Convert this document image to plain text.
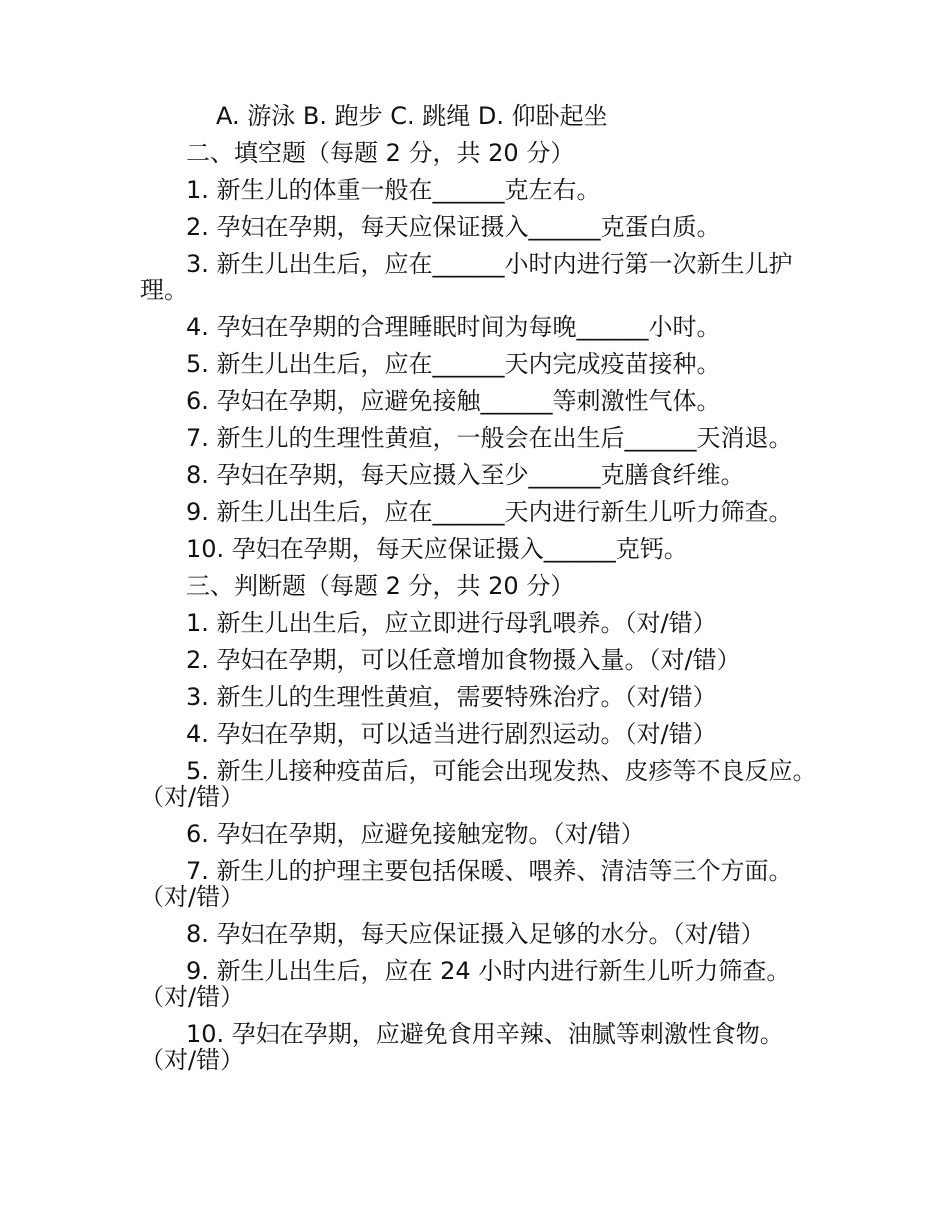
A. 游泳 B. 跑步 C. 跳绳 D. 仰卧起坐

二、填空题（每题 2 分，共 20 分）

1. 新生儿的体重一般在______克左右。

2. 孕妇在孕期，每天应保证摄入______克蛋白质。

3. 新生儿出生后，应在______小时内进行第一次新生儿护理。

4. 孕妇在孕期的合理睡眠时间为每晚______小时。

5. 新生儿出生后，应在______天内完成疫苗接种。

6. 孕妇在孕期，应避免接触______等刺激性气体。

7. 新生儿的生理性黄疸，一般会在出生后______天消退。

8. 孕妇在孕期，每天应摄入至少______克膳食纤维。

9. 新生儿出生后，应在______天内进行新生儿听力筛查。

10. 孕妇在孕期，每天应保证摄入______克钙。

三、判断题（每题 2 分，共 20 分）

1. 新生儿出生后，应立即进行母乳喂养。（对/错）

2. 孕妇在孕期，可以任意增加食物摄入量。（对/错）

3. 新生儿的生理性黄疸，需要特殊治疗。（对/错）

4. 孕妇在孕期，可以适当进行剧烈运动。（对/错）

5. 新生儿接种疫苗后，可能会出现发热、皮疹等不良反应。（对/错）

6. 孕妇在孕期，应避免接触宠物。（对/错）

7. 新生儿的护理主要包括保暖、喂养、清洁等三个方面。（对/错）

8. 孕妇在孕期，每天应保证摄入足够的水分。（对/错）

9. 新生儿出生后，应在 24 小时内进行新生儿听力筛查。（对/错）

10. 孕妇在孕期，应避免食用辛辣、油腻等刺激性食物。（对/错）
